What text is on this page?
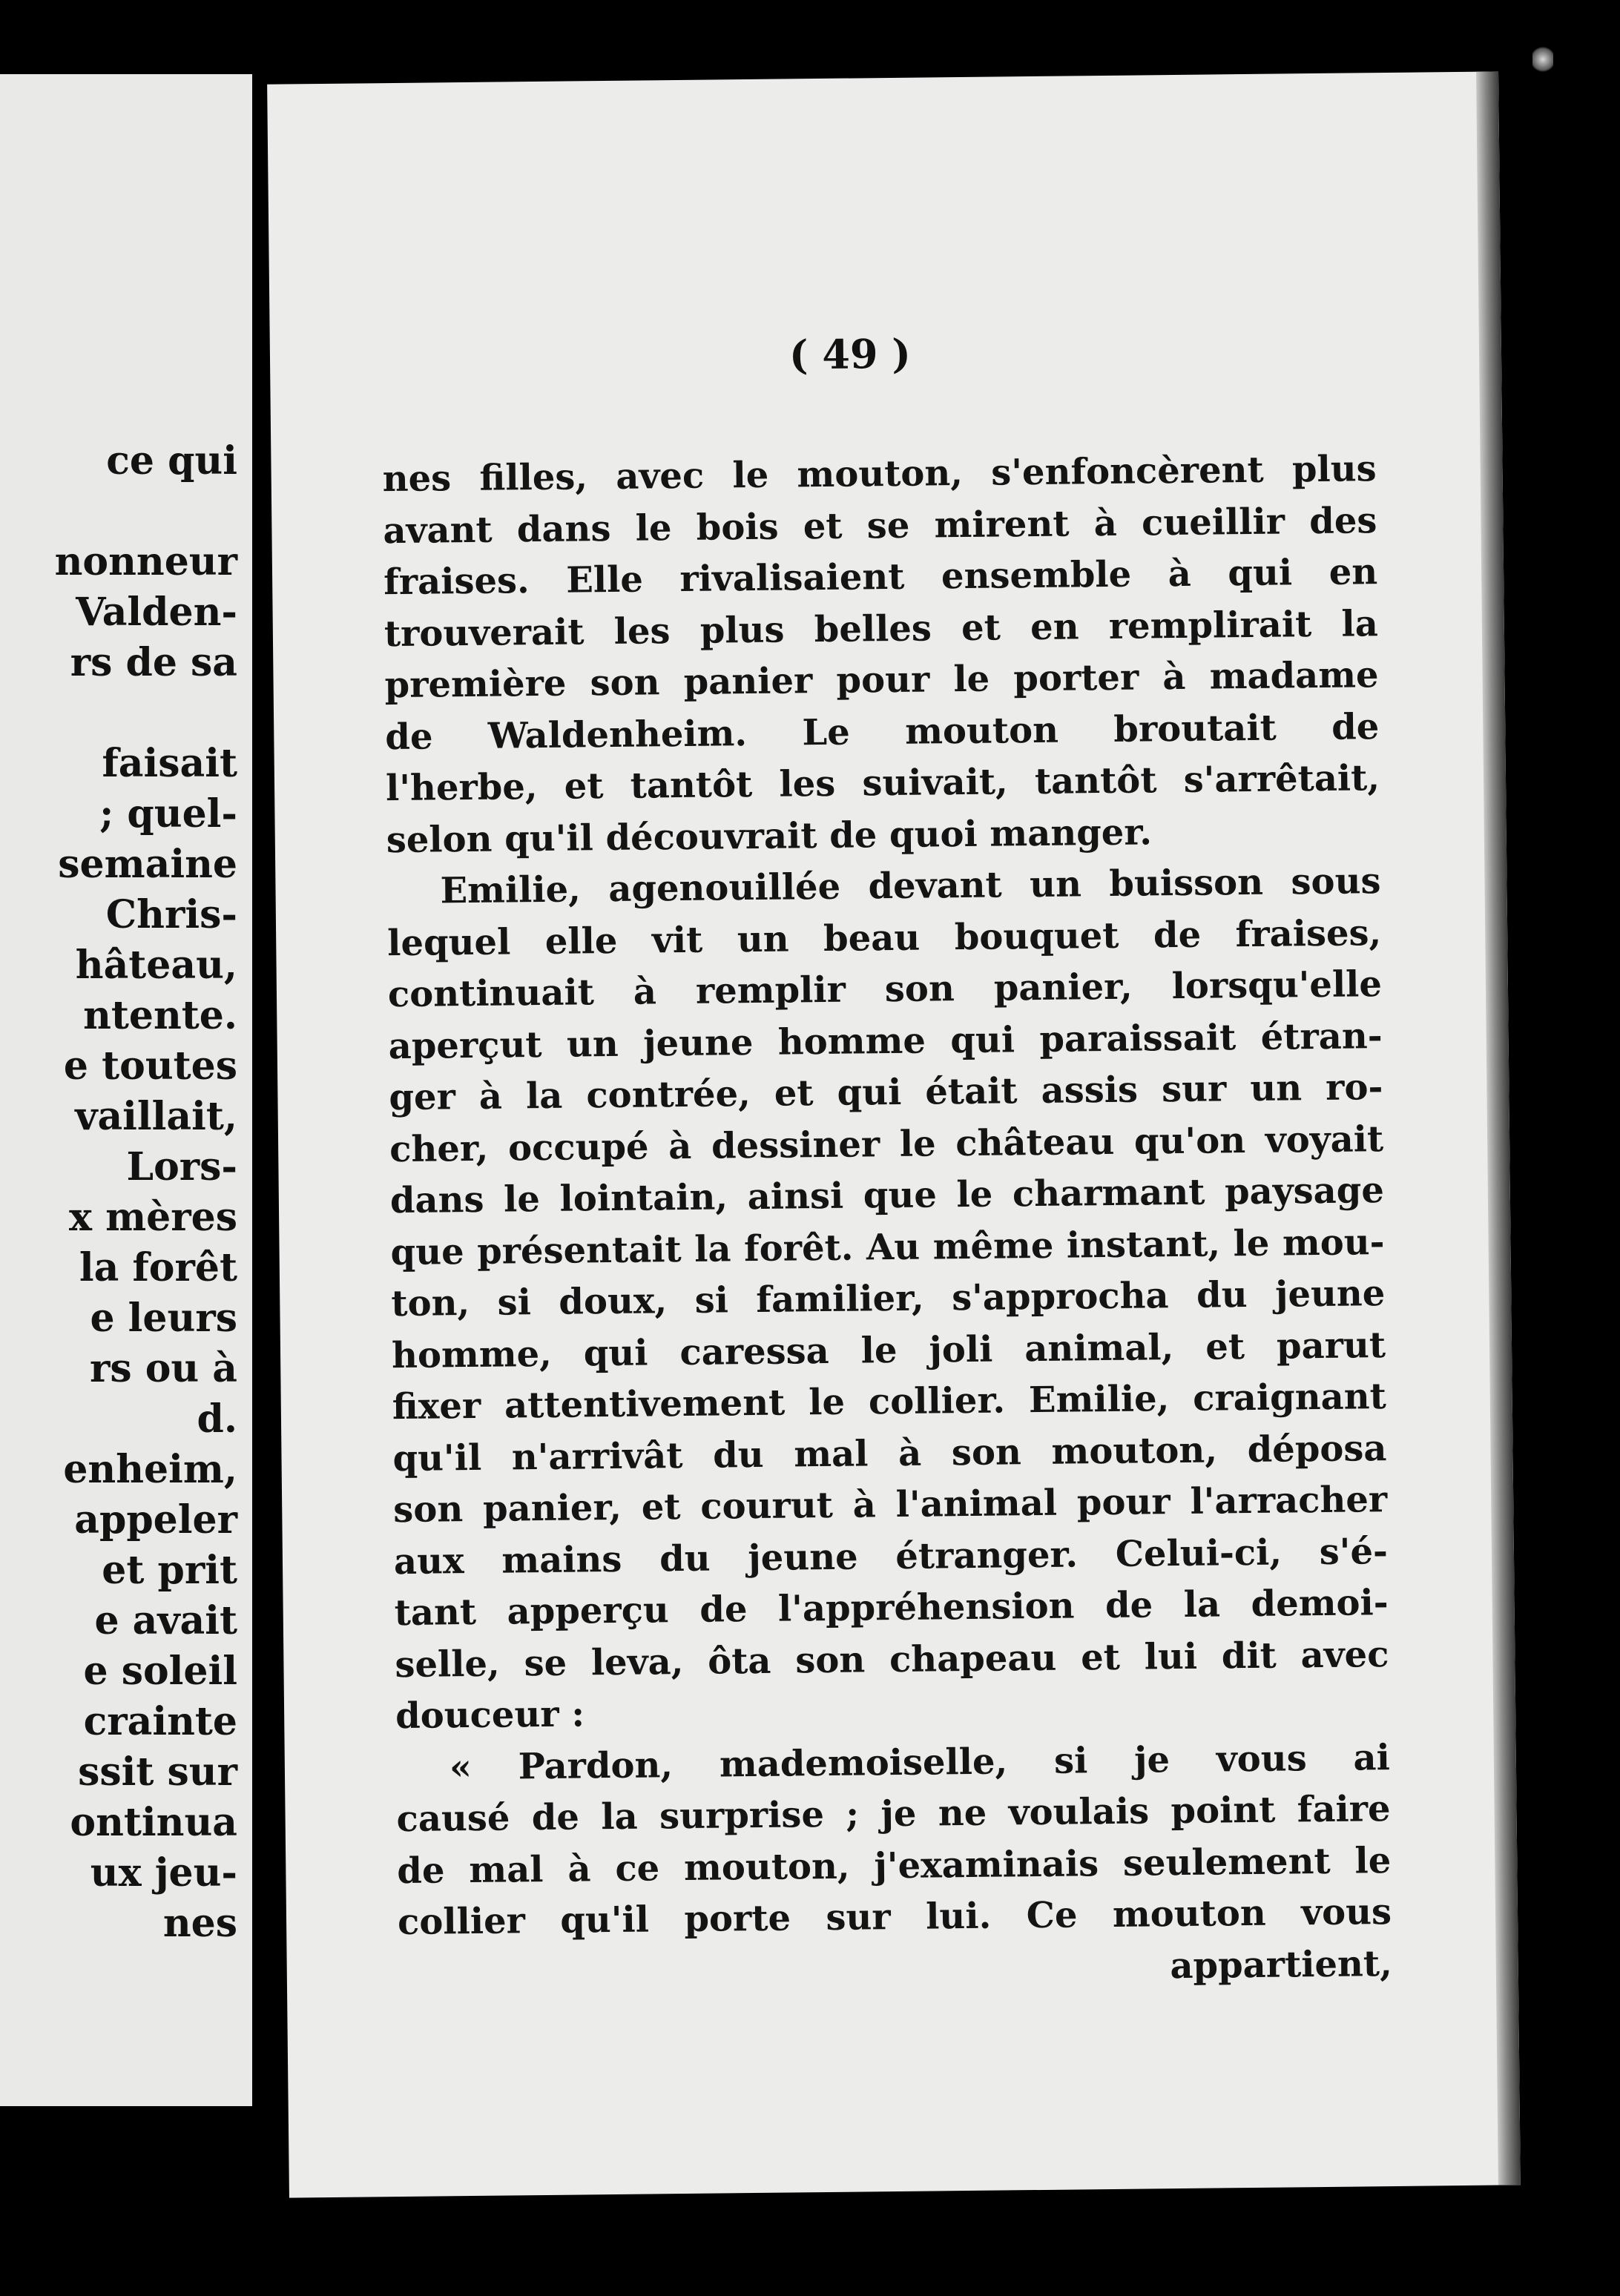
ce qui
nonneur
Valden-
rs de sa
faisait
; quel-
semaine
Chris-
hâteau,
ntente.
e toutes
vaillait,
Lors-
x mères
la forêt
e leurs
rs ou à
d.
enheim,
appeler
et prit
e avait
e soleil
crainte
ssit sur
ontinua
ux jeu-
nes
( 49 )
nes filles, avec le mouton, s'enfoncèrent plus
avant dans le bois et se mirent à cueillir des
fraises. Elle rivalisaient ensemble à qui en
trouverait les plus belles et en remplirait la
première son panier pour le porter à madame
de Waldenheim. Le mouton broutait de
l'herbe, et tantôt les suivait, tantôt s'arrêtait,
selon qu'il découvrait de quoi manger.
Emilie, agenouillée devant un buisson sous
lequel elle vit un beau bouquet de fraises,
continuait à remplir son panier, lorsqu'elle
aperçut un jeune homme qui paraissait étran-
ger à la contrée, et qui était assis sur un ro-
cher, occupé à dessiner le château qu'on voyait
dans le lointain, ainsi que le charmant paysage
que présentait la forêt. Au même instant, le mou-
ton, si doux, si familier, s'approcha du jeune
homme, qui caressa le joli animal, et parut
fixer attentivement le collier. Emilie, craignant
qu'il n'arrivât du mal à son mouton, déposa
son panier, et courut à l'animal pour l'arracher
aux mains du jeune étranger. Celui-ci, s'é-
tant apperçu de l'appréhension de la demoi-
selle, se leva, ôta son chapeau et lui dit avec
douceur :
« Pardon, mademoiselle, si je vous ai
causé de la surprise ; je ne voulais point faire
de mal à ce mouton, j'examinais seulement le
collier qu'il porte sur lui. Ce mouton vous
appartient,
